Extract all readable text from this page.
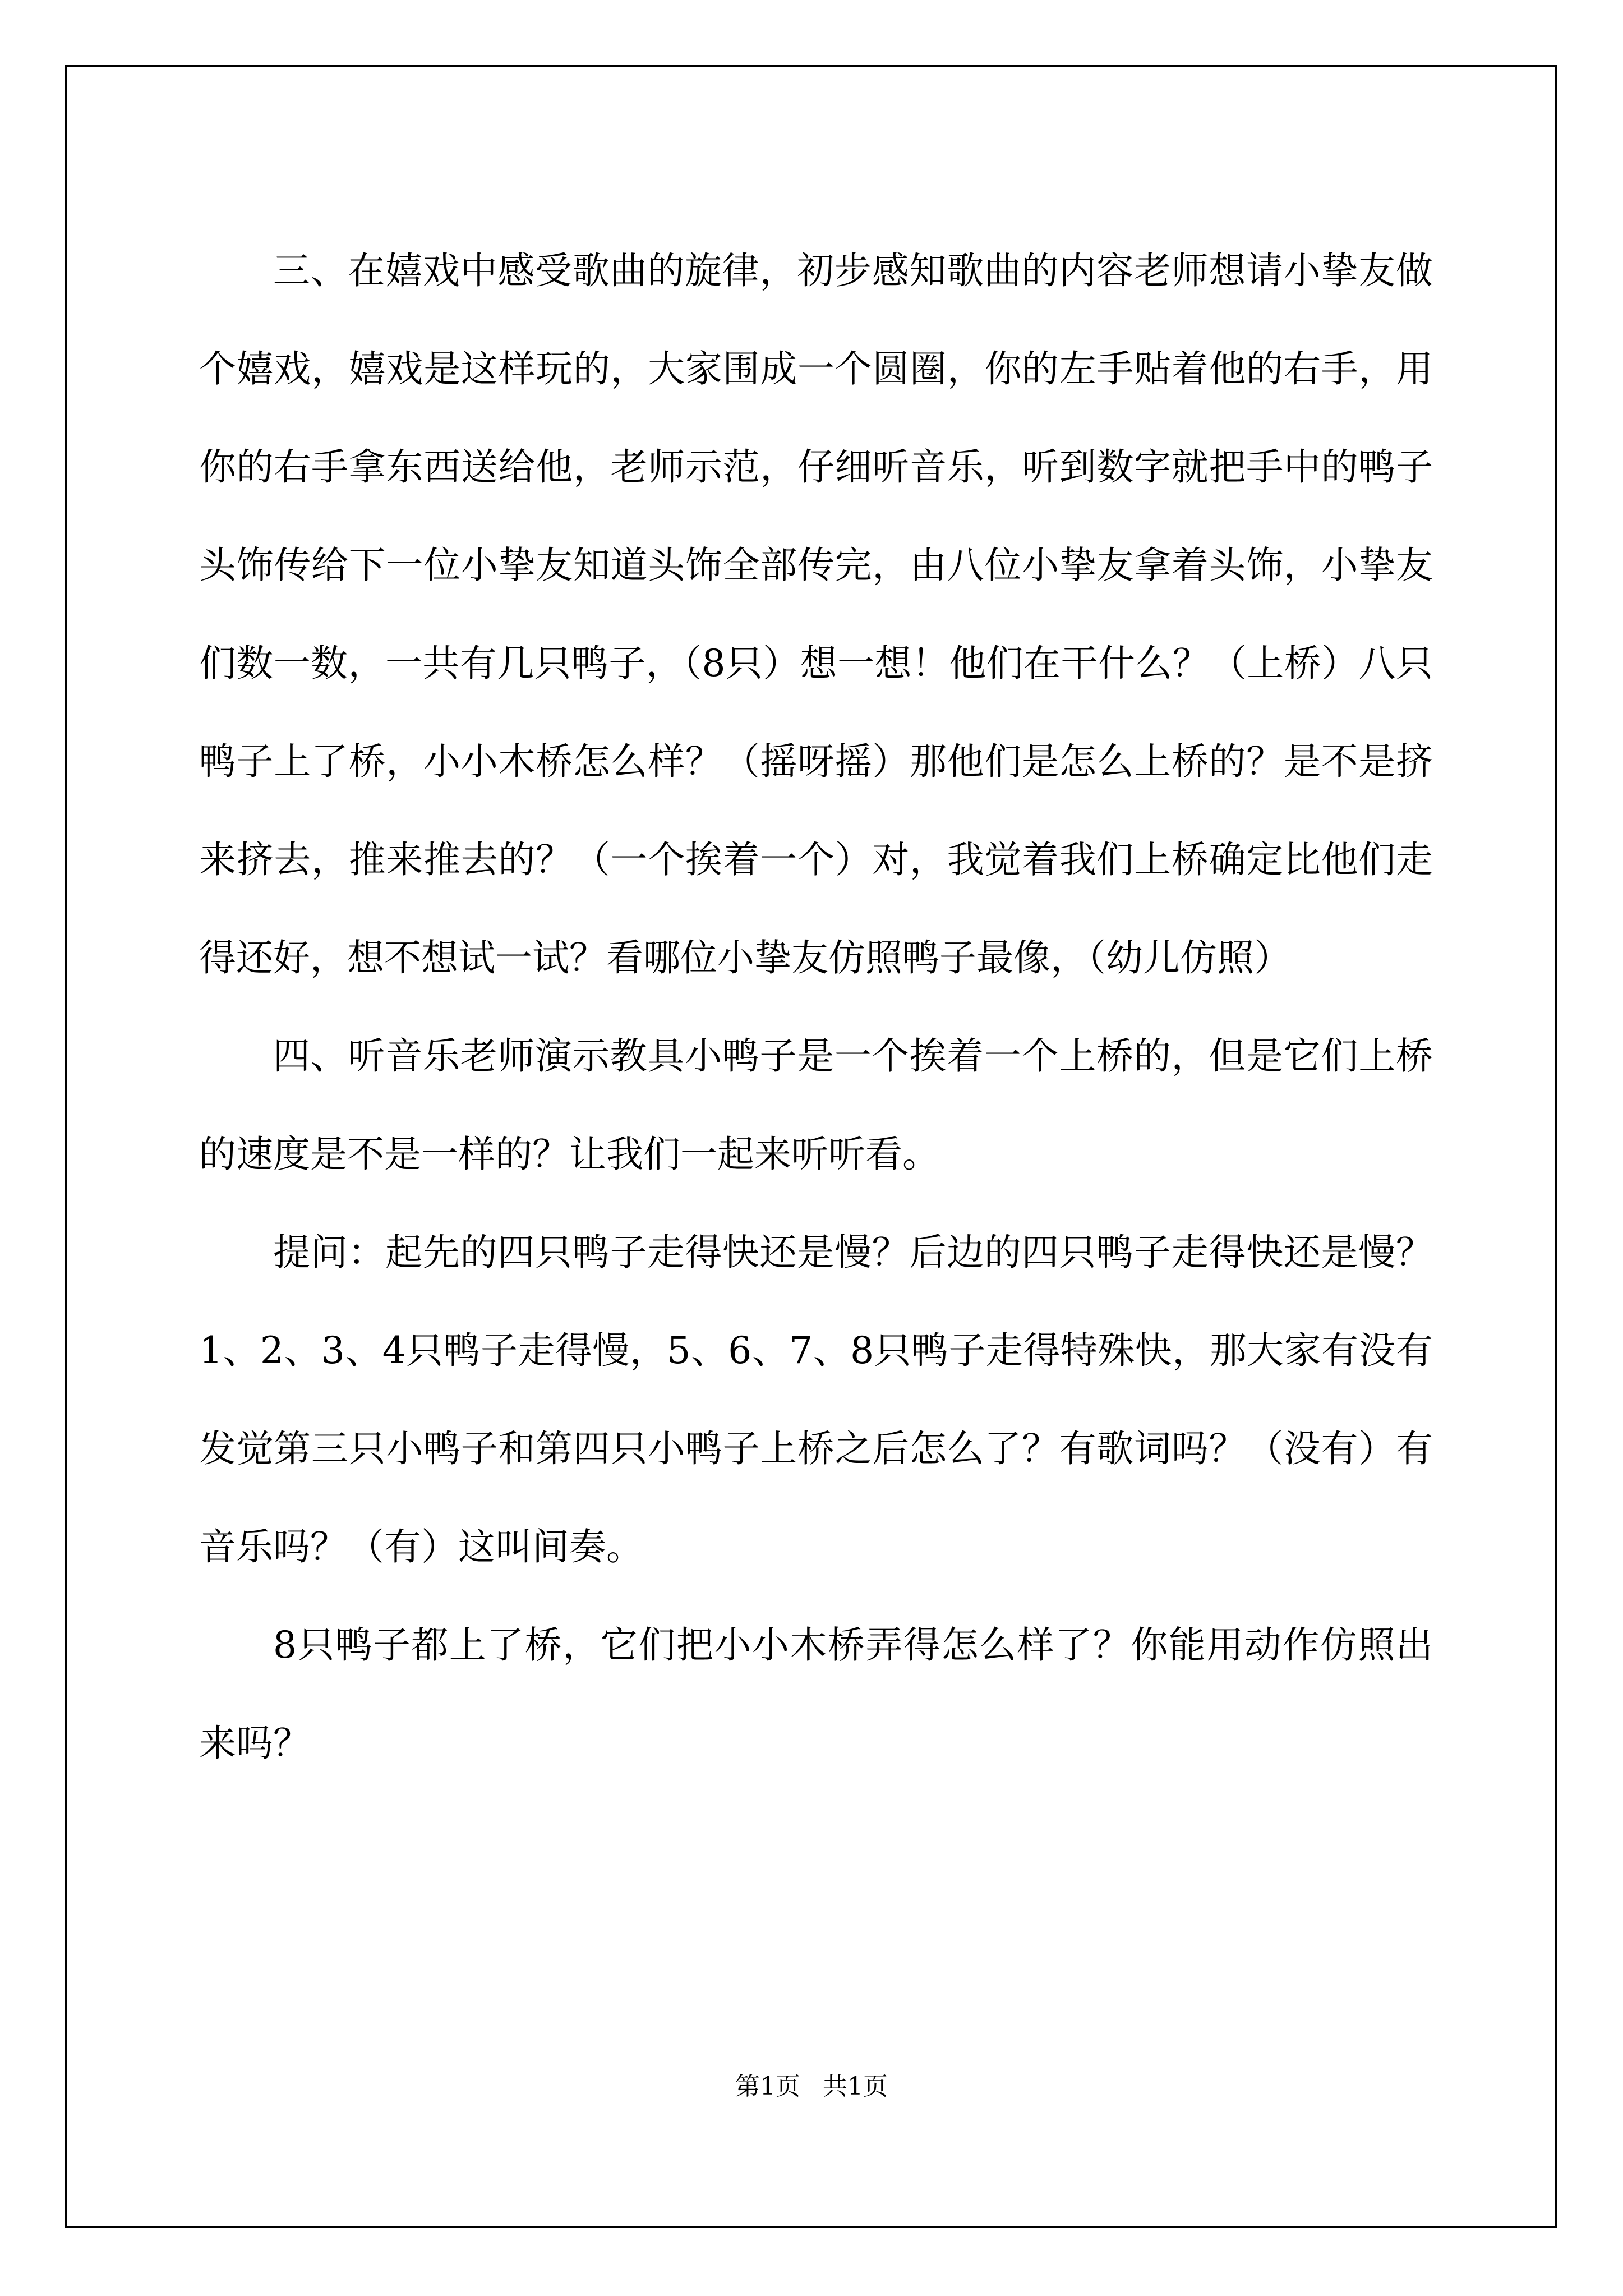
三、在嬉戏中感受歌曲的旋律，初步感知歌曲的内容老师想请小挚友做个嬉戏，嬉戏是这样玩的，大家围成一个圆圈，你的左手贴着他的右手，用你的右手拿东西送给他，老师示范，仔细听音乐，听到数字就把手中的鸭子头饰传给下一位小挚友知道头饰全部传完，由八位小挚友拿着头饰，小挚友们数一数，一共有几只鸭子，（8只）想一想！他们在干什么？（上桥）八只鸭子上了桥，小小木桥怎么样？（摇呀摇）那他们是怎么上桥的？是不是挤来挤去，推来推去的？（一个挨着一个）对，我觉着我们上桥确定比他们走得还好，想不想试一试？看哪位小挚友仿照鸭子最像，（幼儿仿照）

四、听音乐老师演示教具小鸭子是一个挨着一个上桥的，但是它们上桥的速度是不是一样的？让我们一起来听听看。

提问：起先的四只鸭子走得快还是慢？后边的四只鸭子走得快还是慢？1、2、3、4只鸭子走得慢，5、6、7、8只鸭子走得特殊快，那大家有没有发觉第三只小鸭子和第四只小鸭子上桥之后怎么了？有歌词吗？（没有）有音乐吗？（有）这叫间奏。

8只鸭子都上了桥，它们把小小木桥弄得怎么样了？你能用动作仿照出来吗？

第1页 共1页
